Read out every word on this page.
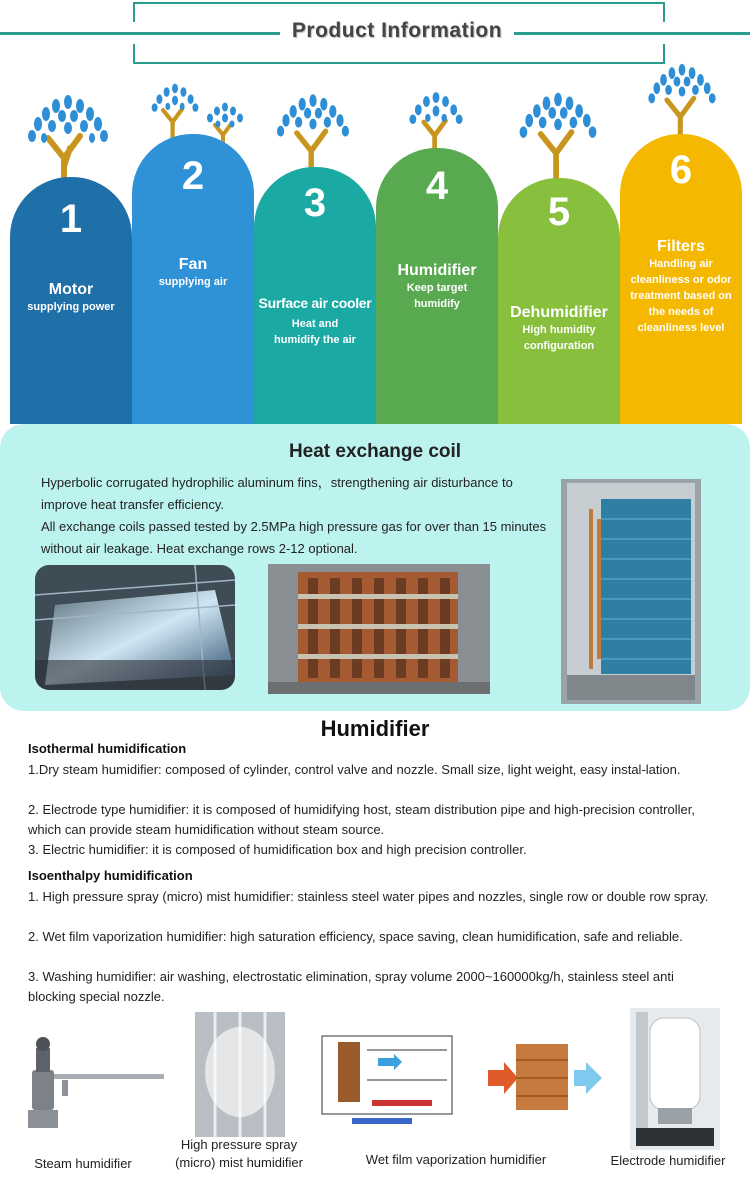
Product Information
1
Motor
supplying power
2
Fan
supplying air
3
Surface air cooler
Heat and humidify the air
4
Humidifier
Keep target humidify
5
Dehumidifier
High humidity configuration
6
Filters
Handling air cleanliness or odor treatment based on the needs of cleanliness level
Heat exchange coil
Hyperbolic corrugated hydrophilic aluminum fins，strengthening air disturbance to improve heat transfer efficiency.
All exchange coils passed tested by 2.5MPa high pressure gas for over than 15 minutes without air leakage. Heat exchange rows 2-12 optional.
Humidifier
Isothermal humidification
1.Dry steam humidifier: composed of cylinder, control valve and nozzle. Small size, light weight, easy instal-lation.
2. Electrode type humidifier: it is composed of humidifying host, steam distribution pipe and high-precision controller, which can provide steam humidification without steam source.
3. Electric humidifier: it is composed of humidification box and high precision controller.
Isoenthalpy humidification
1. High pressure spray (micro) mist humidifier: stainless steel water pipes and nozzles, single row or double row spray.
2. Wet film vaporization humidifier: high saturation efficiency, space saving, clean humidification, safe and reliable.
3. Washing humidifier: air washing, electrostatic elimination, spray volume 2000~160000kg/h, stainless steel anti blocking special nozzle.
Steam humidifier
High pressure spray
(micro) mist humidifier	Wet film vaporization humidifier	Electrode humidifier
